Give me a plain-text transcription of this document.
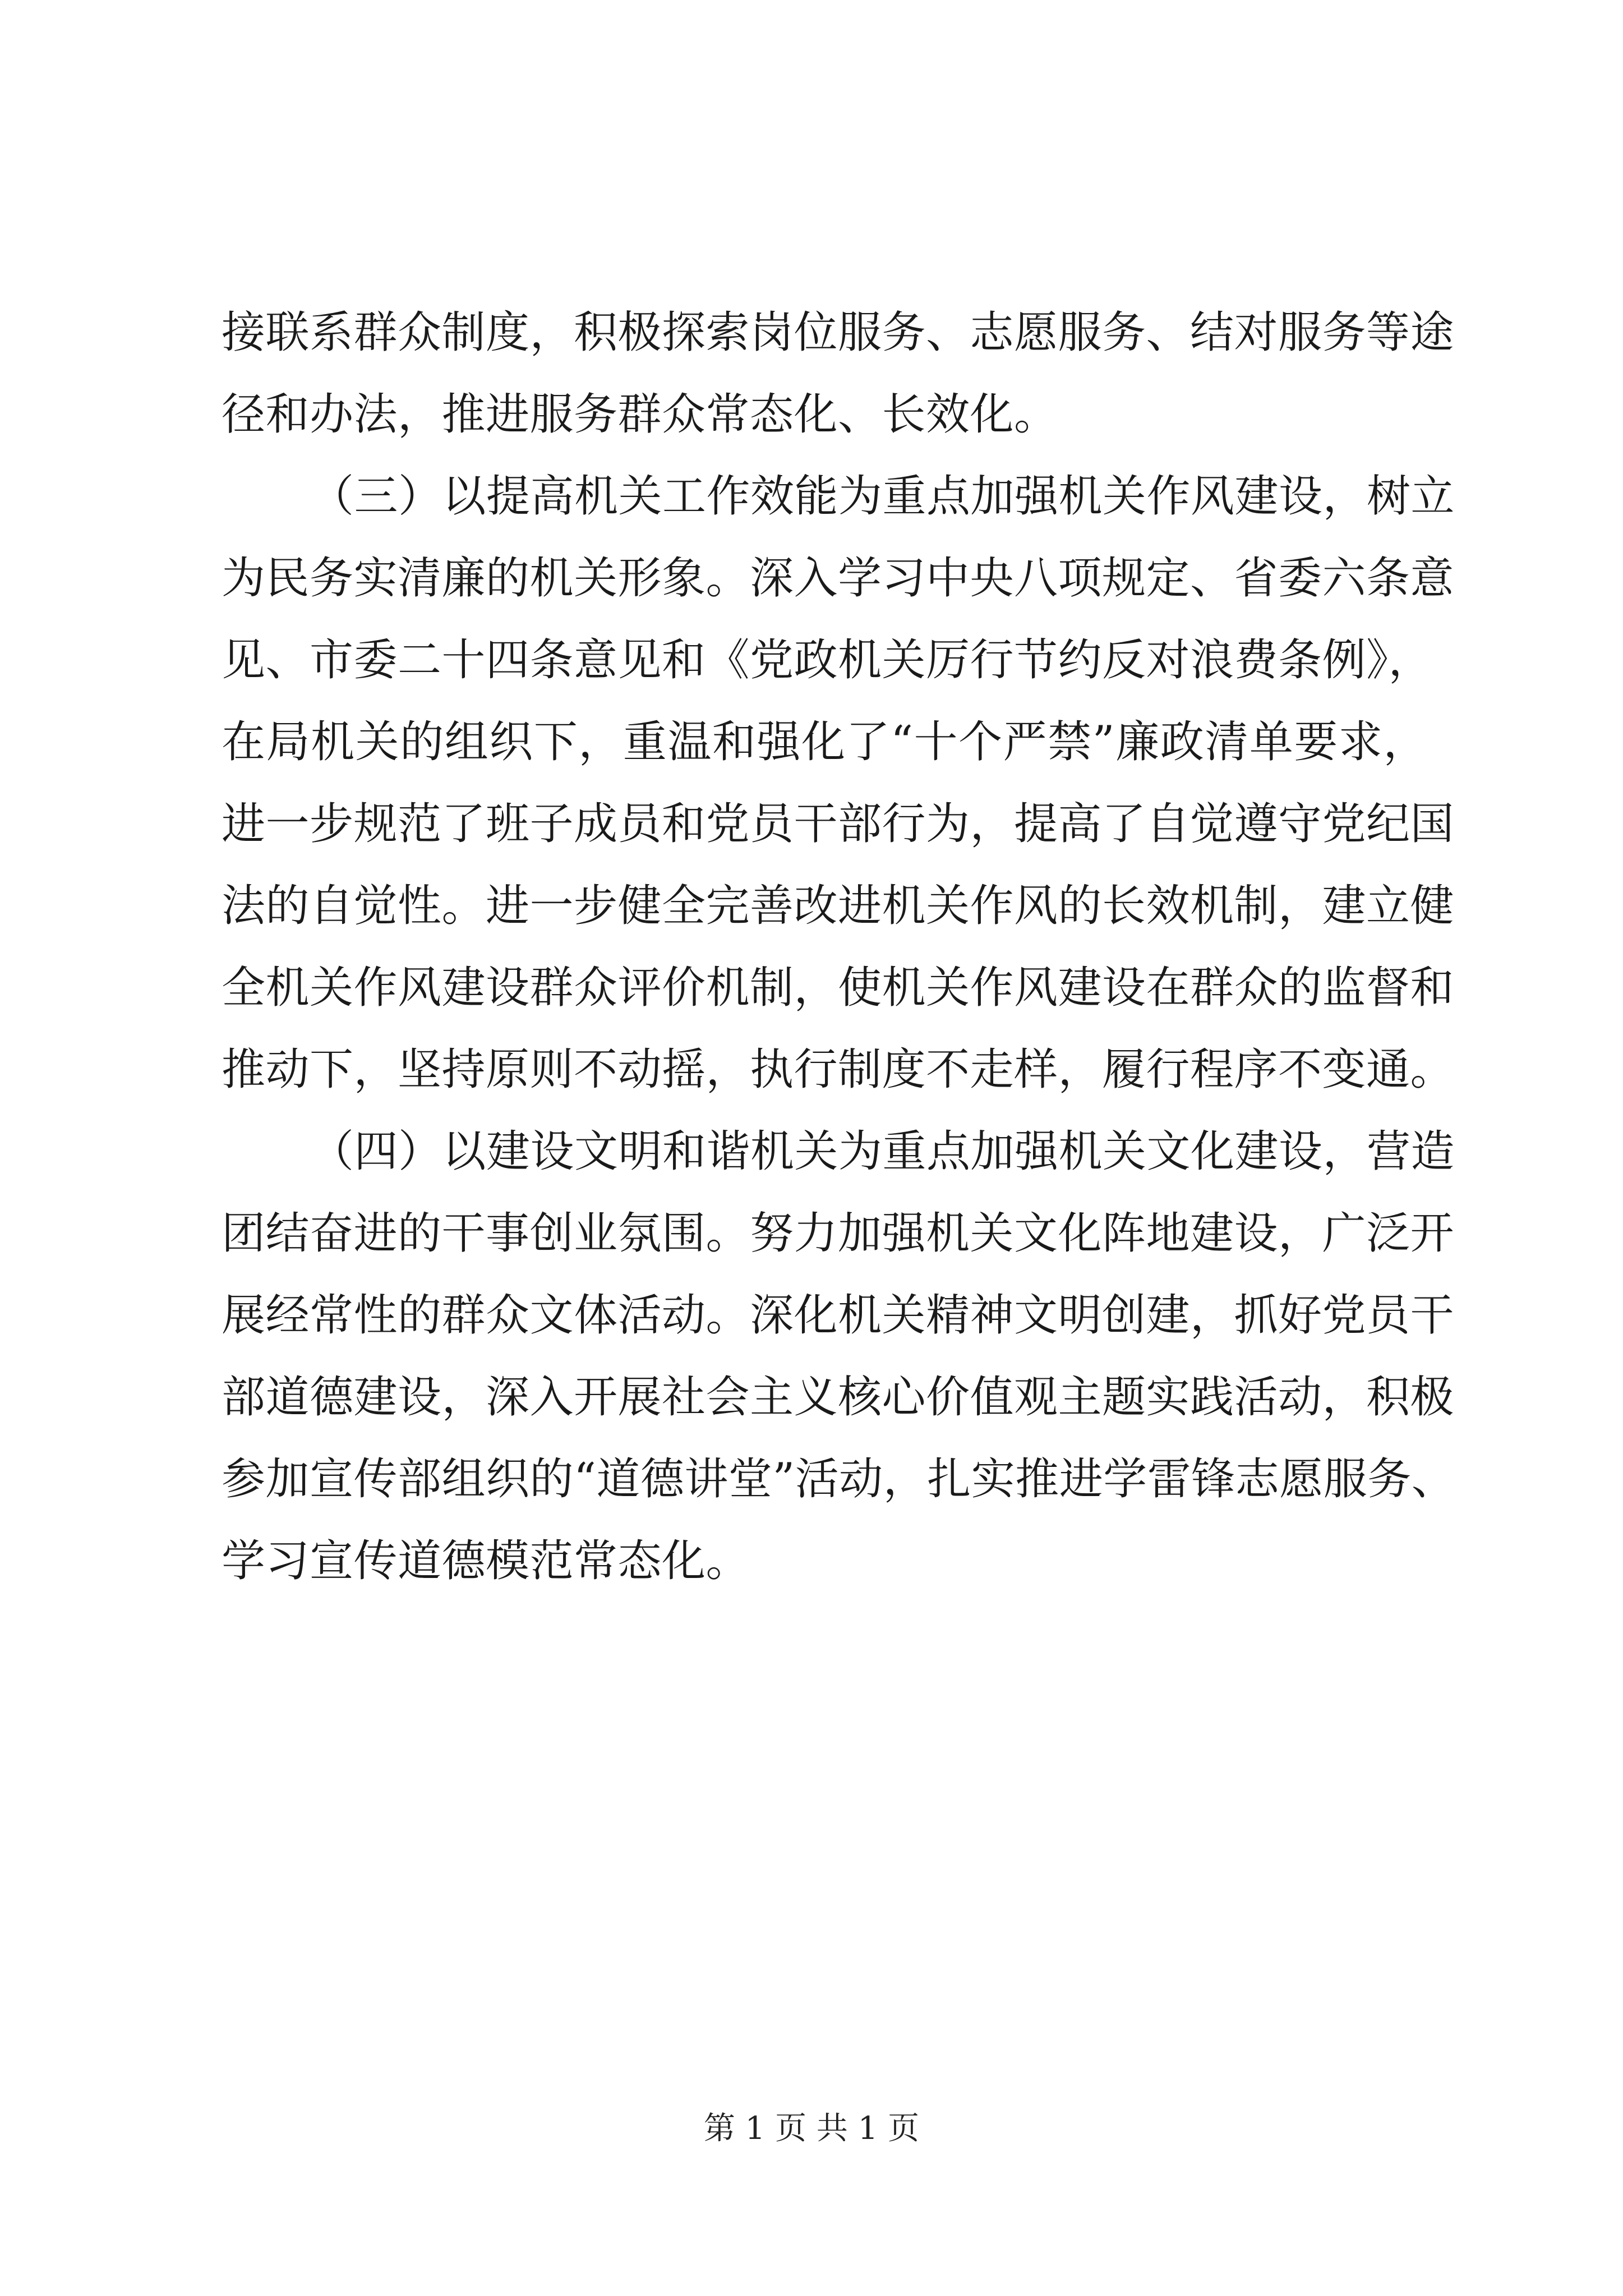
接联系群众制度，积极探索岗位服务、志愿服务、结对服务等途
径和办法，推进服务群众常态化、长效化。
（三）以提高机关工作效能为重点加强机关作风建设，树立
为民务实清廉的机关形象。深入学习中央八项规定、省委六条意
见、市委二十四条意见和《党政机关厉行节约反对浪费条例》，
在局机关的组织下，重温和强化了“十个严禁”廉政清单要求，
进一步规范了班子成员和党员干部行为，提高了自觉遵守党纪国
法的自觉性。进一步健全完善改进机关作风的长效机制，建立健
全机关作风建设群众评价机制，使机关作风建设在群众的监督和
推动下，坚持原则不动摇，执行制度不走样，履行程序不变通。
（四）以建设文明和谐机关为重点加强机关文化建设，营造
团结奋进的干事创业氛围。努力加强机关文化阵地建设，广泛开
展经常性的群众文体活动。深化机关精神文明创建，抓好党员干
部道德建设，深入开展社会主义核心价值观主题实践活动，积极
参加宣传部组织的“道德讲堂”活动，扎实推进学雷锋志愿服务、
学习宣传道德模范常态化。
第 1 页 共 1 页
